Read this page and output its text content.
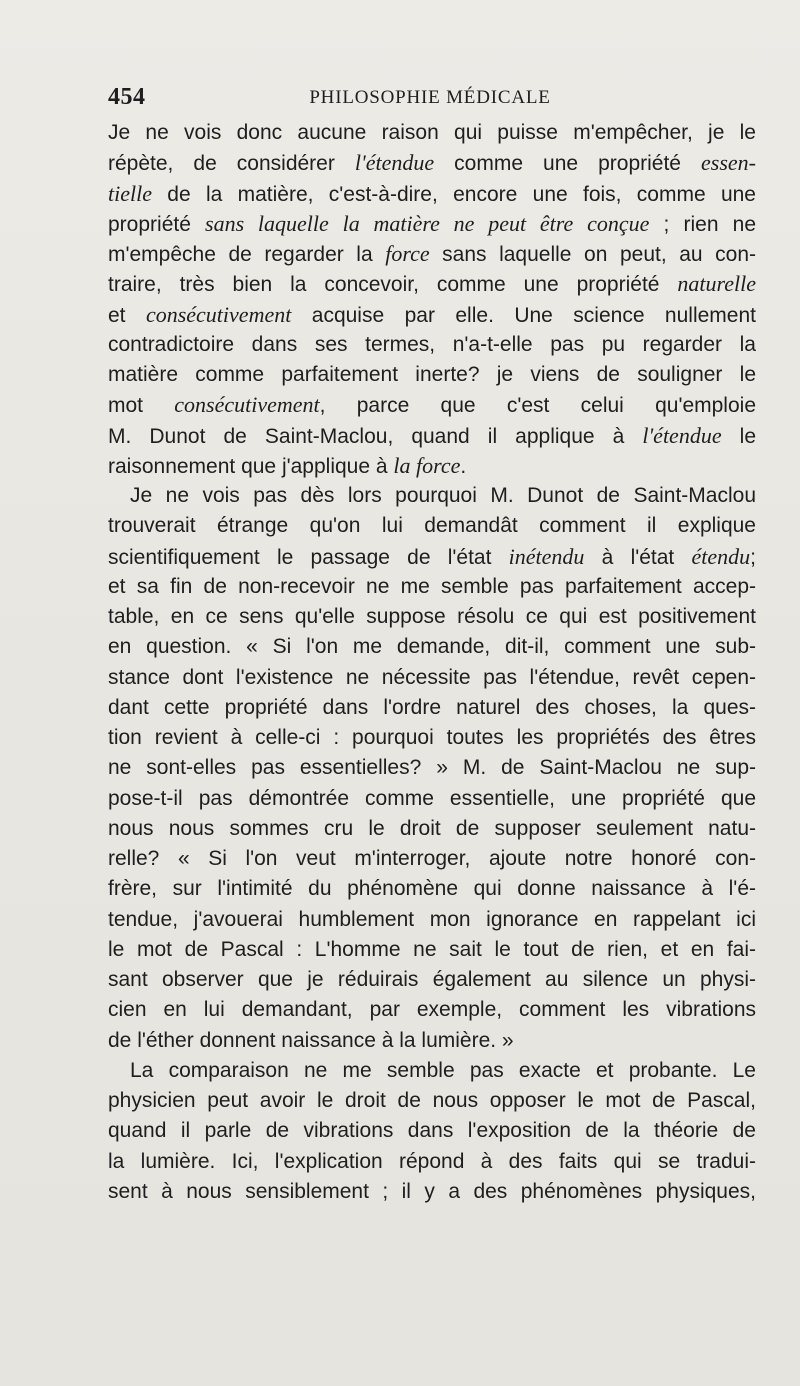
454	PHILOSOPHIE MÉDICALE
Je ne vois donc aucune raison qui puisse m'empêcher, je le
répète, de considérer l'étendue comme une propriété essen-
tielle de la matière, c'est-à-dire, encore une fois, comme une
propriété sans laquelle la matière ne peut être conçue ; rien ne
m'empêche de regarder la force sans laquelle on peut, au con-
traire, très bien la concevoir, comme une propriété naturelle
et consécutivement acquise par elle. Une science nullement
contradictoire dans ses termes, n'a-t-elle pas pu regarder la
matière comme parfaitement inerte? je viens de souligner le
mot consécutivement, parce que c'est celui qu'emploie
M. Dunot de Saint-Maclou, quand il applique à l'étendue le
raisonnement que j'applique à la force.
Je ne vois pas dès lors pourquoi M. Dunot de Saint-Maclou
trouverait étrange qu'on lui demandât comment il explique
scientifiquement le passage de l'état inétendu à l'état étendu;
et sa fin de non-recevoir ne me semble pas parfaitement accep-
table, en ce sens qu'elle suppose résolu ce qui est positivement
en question. « Si l'on me demande, dit-il, comment une sub-
stance dont l'existence ne nécessite pas l'étendue, revêt cepen-
dant cette propriété dans l'ordre naturel des choses, la ques-
tion revient à celle-ci : pourquoi toutes les propriétés des êtres
ne sont-elles pas essentielles? » M. de Saint-Maclou ne sup-
pose-t-il pas démontrée comme essentielle, une propriété que
nous nous sommes cru le droit de supposer seulement natu-
relle? « Si l'on veut m'interroger, ajoute notre honoré con-
frère, sur l'intimité du phénomène qui donne naissance à l'é-
tendue, j'avouerai humblement mon ignorance en rappelant ici
le mot de Pascal : L'homme ne sait le tout de rien, et en fai-
sant observer que je réduirais également au silence un physi-
cien en lui demandant, par exemple, comment les vibrations
de l'éther donnent naissance à la lumière. »
La comparaison ne me semble pas exacte et probante. Le
physicien peut avoir le droit de nous opposer le mot de Pascal,
quand il parle de vibrations dans l'exposition de la théorie de
la lumière. Ici, l'explication répond à des faits qui se tradui-
sent à nous sensiblement ; il y a des phénomènes physiques,
